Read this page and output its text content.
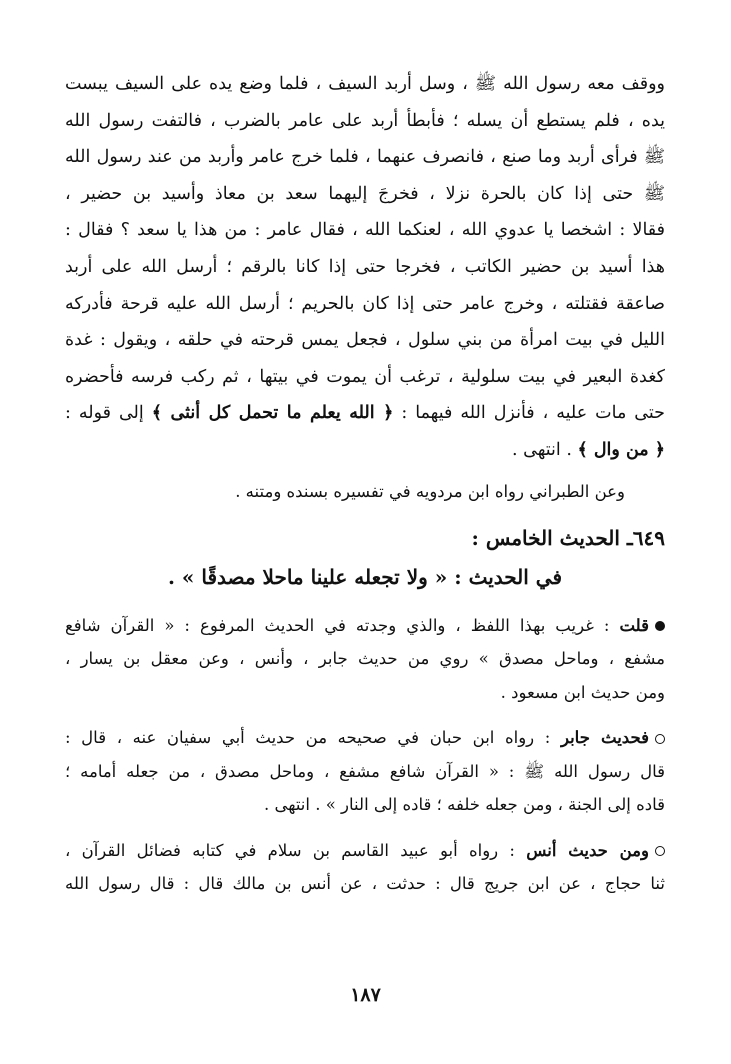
ووقف معه رسول الله ﷺ ، وسل أربد السيف ، فلما وضع يده على السيف يبست
يده ، فلم يستطع أن يسله ؛ فأبطأ أربد على عامر بالضرب ، فالتفت رسول الله
ﷺ فرأى أربد وما صنع ، فانصرف عنهما ، فلما خرج عامر وأربد من عند رسول الله
ﷺ حتى إذا كان بالحرة نزلا ، فخرجَ إليهما سعد بن معاذ وأسيد بن حضير ،
فقالا : اشخصا يا عدوي الله ، لعنكما الله ، فقال عامر : من هذا يا سعد ؟ فقال :
هذا أسيد بن حضير الكاتب ، فخرجا حتى إذا كانا بالرقم ؛ أرسل الله على أربد
صاعقة فقتلته ، وخرج عامر حتى إذا كان بالحريم ؛ أرسل الله عليه قرحة فأدركه
الليل في بيت امرأة من بني سلول ، فجعل يمس قرحته في حلقه ، ويقول : غدة
كغدة البعير في بيت سلولية ، ترغب أن يموت في بيتها ، ثم ركب فرسه فأحضره
حتى مات عليه ، فأنزل الله فيهما : ﴿ الله يعلم ما تحمل كل أنثى ﴾ إلى قوله :
﴿ من وال ﴾ . انتهى .
وعن الطبراني رواه ابن مردويه في تفسيره بسنده ومتنه .
٦٤٩ـ الحديث الخامس :
في الحديث : « ولا تجعله علينا ماحلا مصدقًا » .
قلت : غريب بهذا اللفظ ، والذي وجدته في الحديث المرفوع : « القرآن شافع
مشفع ، وماحل مصدق » روي من حديث جابر ، وأنس ، وعن معقل بن يسار ،
ومن حديث ابن مسعود .
فحديث جابر : رواه ابن حبان في صحيحه من حديث أبي سفيان عنه ، قال :
قال رسول الله ﷺ : « القرآن شافع مشفع ، وماحل مصدق ، من جعله أمامه ؛
قاده إلى الجنة ، ومن جعله خلفه ؛ قاده إلى النار » . انتهى .
ومن حديث أنس : رواه أبو عبيد القاسم بن سلام في كتابه فضائل القرآن ،
ثنا حجاج ، عن ابن جريج قال : حدثت ، عن أنس بن مالك قال : قال رسول الله
١٨٧
